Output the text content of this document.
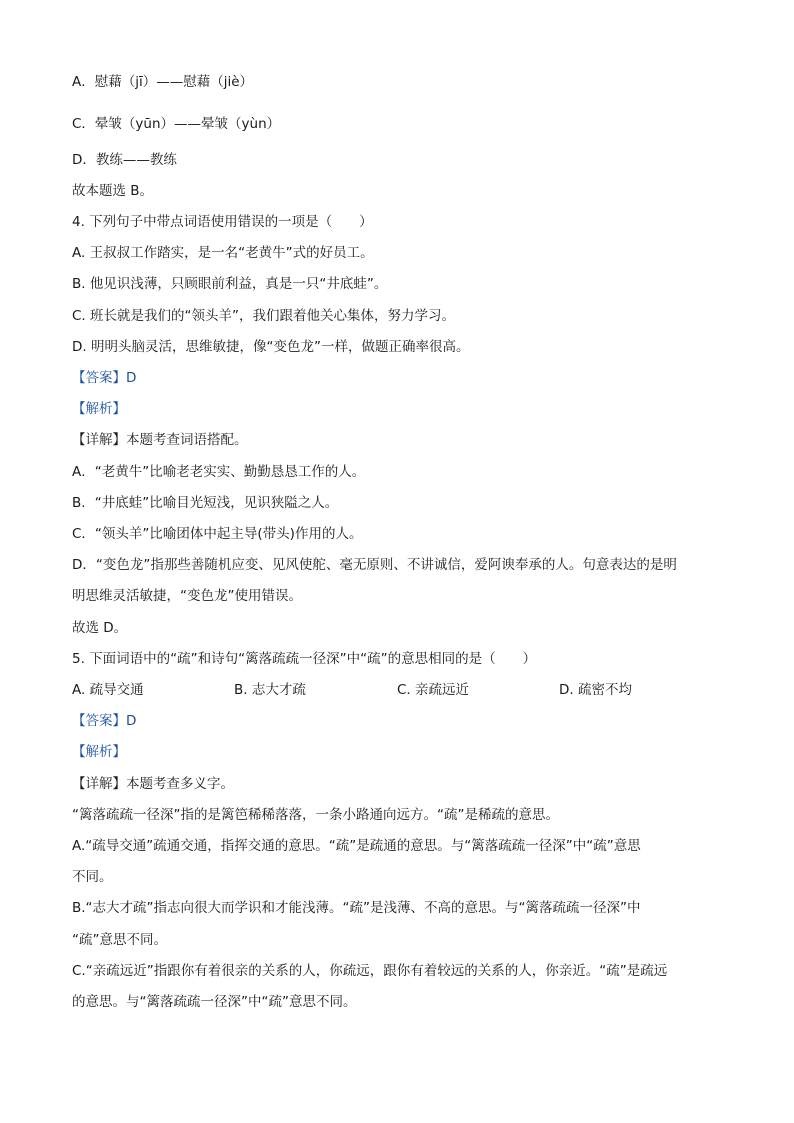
A．慰藉（jī）——慰藉（jiè）
C．晕皱（yūn）——晕皱（yùn）
D．教练——教练
故本题选 B。
4. 下列句子中带点词语使用错误的一项是（　　）
A. 王叔叔工作踏实，是一名“老黄牛”式的好员工。
B. 他见识浅薄，只顾眼前利益，真是一只“井底蛙”。
C. 班长就是我们的“领头羊”，我们跟着他关心集体，努力学习。
D. 明明头脑灵活，思维敏捷，像“变色龙”一样，做题正确率很高。
【答案】D
【解析】
【详解】本题考查词语搭配。
A．“老黄牛”比喻老老实实、勤勤恳恳工作的人。
B．“井底蛙”比喻目光短浅，见识狭隘之人。
C．“领头羊”比喻团体中起主导(带头)作用的人。
D．“变色龙”指那些善随机应变、见风使舵、毫无原则、不讲诚信，爱阿谀奉承的人。句意表达的是明
明思维灵活敏捷，“变色龙”使用错误。
故选 D。
5. 下面词语中的“疏”和诗句“篱落疏疏一径深”中“疏”的意思相同的是（　　）
A. 疏导交通	B. 志大才疏	C. 亲疏远近	D. 疏密不均
【答案】D
【解析】
【详解】本题考查多义字。
“篱落疏疏一径深”指的是篱笆稀稀落落，一条小路通向远方。“疏”是稀疏的意思。
A.“疏导交通”疏通交通，指挥交通的意思。“疏”是疏通的意思。与“篱落疏疏一径深”中“疏”意思
不同。
B.“志大才疏”指志向很大而学识和才能浅薄。“疏”是浅薄、不高的意思。与“篱落疏疏一径深”中
“疏”意思不同。
C.“亲疏远近”指跟你有着很亲的关系的人，你疏远，跟你有着较远的关系的人，你亲近。“疏”是疏远
的意思。与“篱落疏疏一径深”中“疏”意思不同。
